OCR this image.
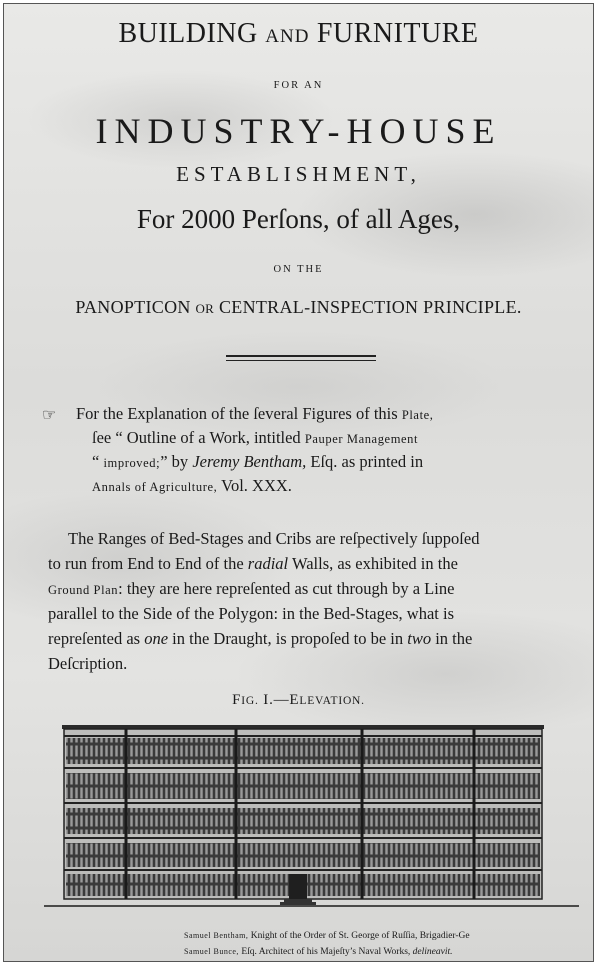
BUILDING AND FURNITURE
FOR AN
INDUSTRY-HOUSE
ESTABLISHMENT,
For 2000 Perſons, of all Ages,
ON THE
PANOPTICON OR CENTRAL-INSPECTION PRINCIPLE.
☞ For the Explanation of the ſeveral Figures of this Plate,
ſee “ Outline of a Work, intitled Pauper Management
“ improved;” by Jeremy Bentham, Eſq. as printed in
Annals of Agriculture, Vol. XXX.
The Ranges of Bed-Stages and Cribs are reſpectively ſuppoſed
to run from End to End of the radial Walls, as exhibited in the
Ground Plan: they are here repreſented as cut through by a Line
parallel to the Side of the Polygon: in the Bed-Stages, what is
repreſented as one in the Draught, is propoſed to be in two in the
Deſcription.
FIG. I.—ELEVATION.
Samuel Bentham, Knight of the Order of St. George of Ruſſia, Brigadier-Ge
Samuel Bunce, Eſq. Architect of his Majeſty’s Naval Works, delineavit.
